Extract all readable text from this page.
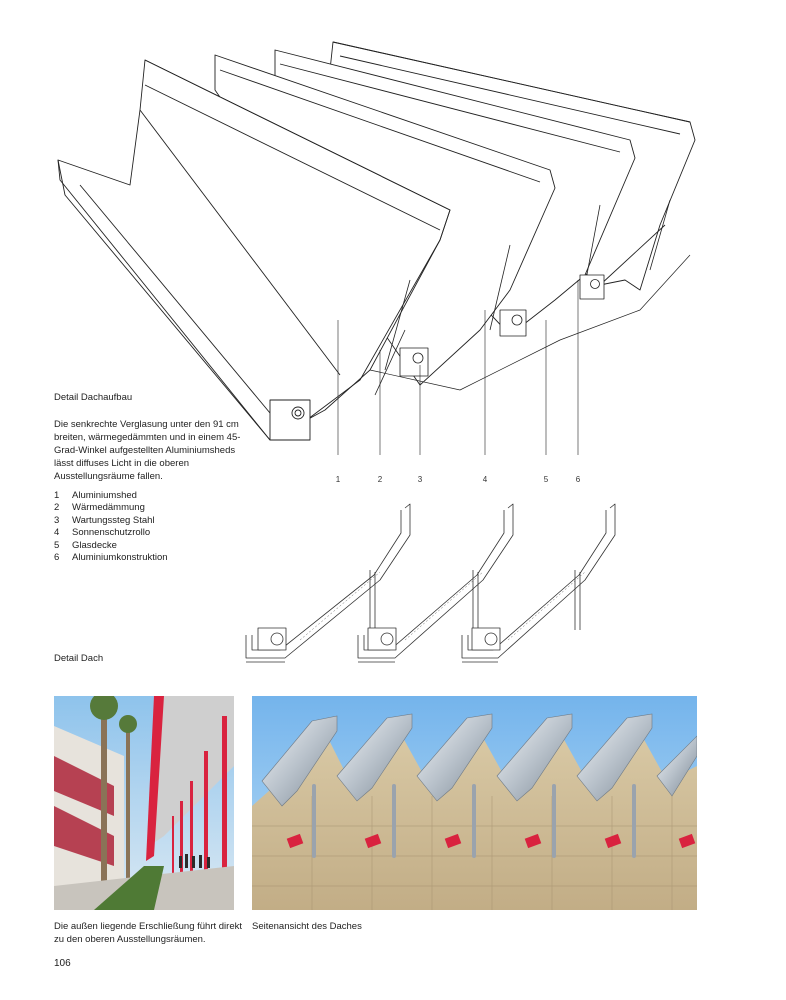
1	2	3	4	5	6
Detail Dachaufbau
Die senkrechte Verglasung unter den 91 cm breiten, wärmegedämmten und in einem 45-Grad-Winkel aufgestellten Aluminiumsheds lässt diffuses Licht in die oberen Ausstellungsräume fallen.
1	Aluminiumshed
2	Wärmedämmung
3	Wartungssteg Stahl
4	Sonnenschutzrollo
5	Glasdecke
6	Aluminiumkonstruktion
Detail Dach
Die außen liegende Erschließung führt direkt zu den oberen Ausstellungsräumen.
Seitenansicht des Daches
106
